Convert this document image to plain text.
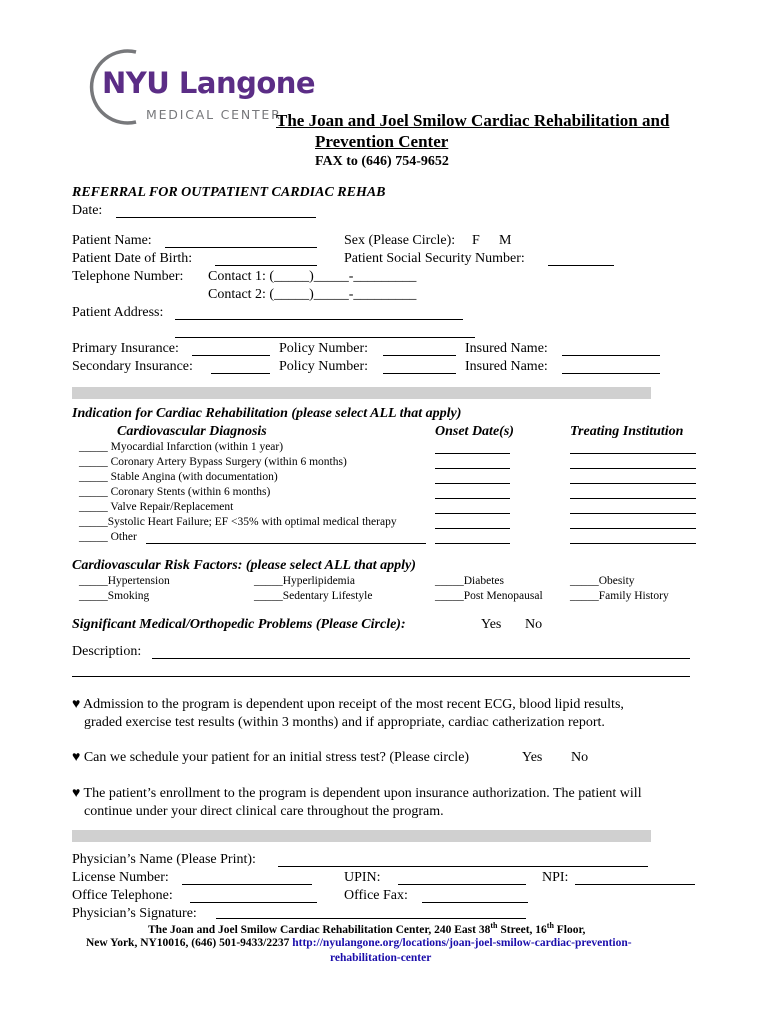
NYU Langone
MEDICAL CENTER
The Joan and Joel Smilow Cardiac Rehabilitation and
Prevention Center
FAX to (646) 754-9652
REFERRAL FOR OUTPATIENT CARDIAC REHAB
Date:
Patient Name:	Sex (Please Circle): F M
Patient Date of Birth:	Patient Social Security Number:
Telephone Number: Contact 1: (_____)_____-_________
Contact 2: (_____)_____-_________
Patient Address:
Primary Insurance:	Policy Number:	Insured Name:
Secondary Insurance:	Policy Number:	Insured Name:
Indication for Cardiac Rehabilitation (please select ALL that apply)
Cardiovascular Diagnosis	Onset Date(s)	Treating Institution
_____ Myocardial Infarction (within 1 year)
_____ Coronary Artery Bypass Surgery (within 6 months)
_____ Stable Angina (with documentation)
_____ Coronary Stents (within 6 months)
_____ Valve Repair/Replacement
_____Systolic Heart Failure; EF <35% with optimal medical therapy
_____ Other
Cardiovascular Risk Factors: (please select ALL that apply)
_____Hypertension	_____Hyperlipidemia	_____Diabetes	_____Obesity
_____Smoking	_____Sedentary Lifestyle	_____Post Menopausal _____Family History
Significant Medical/Orthopedic Problems (Please Circle):	Yes No
Description:
♥ Admission to the program is dependent upon receipt of the most recent ECG, blood lipid results,
graded exercise test results (within 3 months) and if appropriate, cardiac catherization report.
♥ Can we schedule your patient for an initial stress test? (Please circle)	Yes No
♥ The patient’s enrollment to the program is dependent upon insurance authorization. The patient will
continue under your direct clinical care throughout the program.
Physician’s Name (Please Print):
License Number:	UPIN:	NPI:
Office Telephone:	Office Fax:
Physician’s Signature:
The Joan and Joel Smilow Cardiac Rehabilitation Center, 240 East 38th Street, 16th Floor,
New York, NY10016, (646) 501-9433/2237 http://nyulangone.org/locations/joan-joel-smilow-cardiac-prevention-
rehabilitation-center
